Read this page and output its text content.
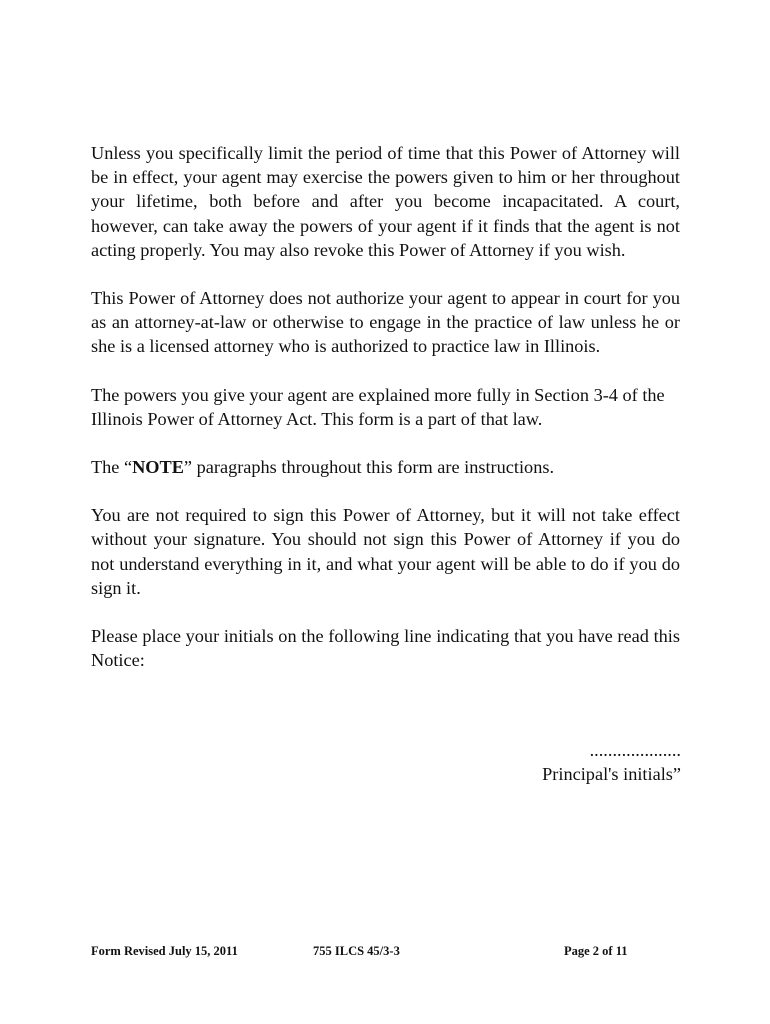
Unless you specifically limit the period of time that this Power of Attorney will be in effect, your agent may exercise the powers given to him or her throughout your lifetime, both before and after you become incapacitated. A court, however, can take away the powers of your agent if it finds that the agent is not acting properly. You may also revoke this Power of Attorney if you wish.

This Power of Attorney does not authorize your agent to appear in court for you as an attorney-at-law or otherwise to engage in the practice of law unless he or she is a licensed attorney who is authorized to practice law in Illinois.

The powers you give your agent are explained more fully in Section 3-4 of the Illinois Power of Attorney Act. This form is a part of that law.

The “NOTE” paragraphs throughout this form are instructions.

You are not required to sign this Power of Attorney, but it will not take effect without your signature. You should not sign this Power of Attorney if you do not understand everything in it, and what your agent will be able to do if you do sign it.

Please place your initials on the following line indicating that you have read this Notice:

....................
Principal's initials”
Form Revised July 15, 2011	755 ILCS 45/3-3	Page 2 of 11
